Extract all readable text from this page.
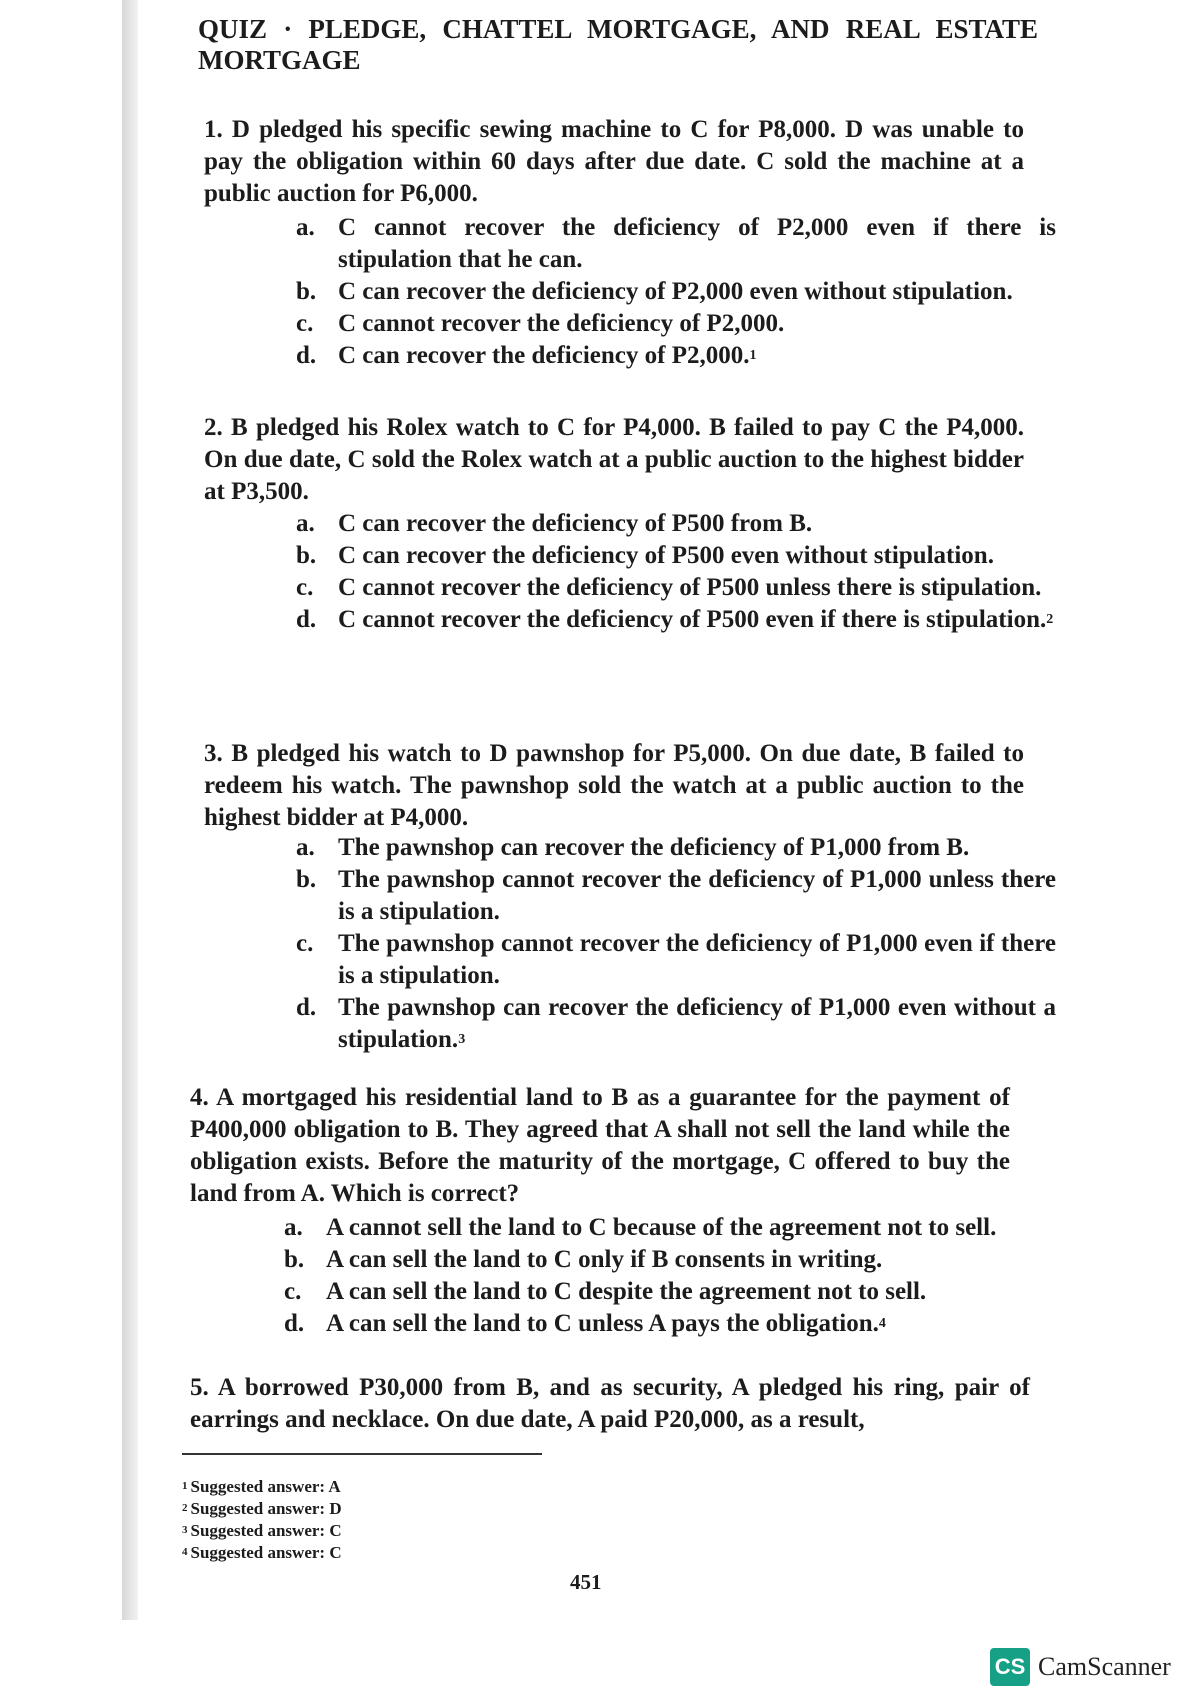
QUIZ · PLEDGE, CHATTEL MORTGAGE, AND REAL ESTATE
MORTGAGE
1. D pledged his specific sewing machine to C for P8,000. D was unable to pay the obligation within 60 days after due date. C sold the machine at a public auction for P6,000.
a. C cannot recover the deficiency of P2,000 even if there is stipulation that he can.
b. C can recover the deficiency of P2,000 even without stipulation.
c. C cannot recover the deficiency of P2,000.
d. C can recover the deficiency of P2,000.$^1$
2. B pledged his Rolex watch to C for P4,000. B failed to pay C the P4,000. On due date, C sold the Rolex watch at a public auction to the highest bidder at P3,500.
a. C can recover the deficiency of P500 from B.
b. C can recover the deficiency of P500 even without stipulation.
c. C cannot recover the deficiency of P500 unless there is stipulation.
d. C cannot recover the deficiency of P500 even if there is stipulation.$^2$
3. B pledged his watch to D pawnshop for P5,000. On due date, B failed to redeem his watch. The pawnshop sold the watch at a public auction to the highest bidder at P4,000.
a. The pawnshop can recover the deficiency of P1,000 from B.
b. The pawnshop cannot recover the deficiency of P1,000 unless there is a stipulation.
c. The pawnshop cannot recover the deficiency of P1,000 even if there is a stipulation.
d. The pawnshop can recover the deficiency of P1,000 even without a stipulation.$^3$
4. A mortgaged his residential land to B as a guarantee for the payment of P400,000 obligation to B. They agreed that A shall not sell the land while the obligation exists. Before the maturity of the mortgage, C offered to buy the land from A. Which is correct?
a. A cannot sell the land to C because of the agreement not to sell.
b. A can sell the land to C only if B consents in writing.
c. A can sell the land to C despite the agreement not to sell.
d. A can sell the land to C unless A pays the obligation.$^4$
5. A borrowed P30,000 from B, and as security, A pledged his ring, pair of earrings and necklace. On due date, A paid P20,000, as a result,
$^1$ Suggested answer: A
$^2$ Suggested answer: D
$^3$ Suggested answer: C
$^4$ Suggested answer: C
451
CS CamScanner
